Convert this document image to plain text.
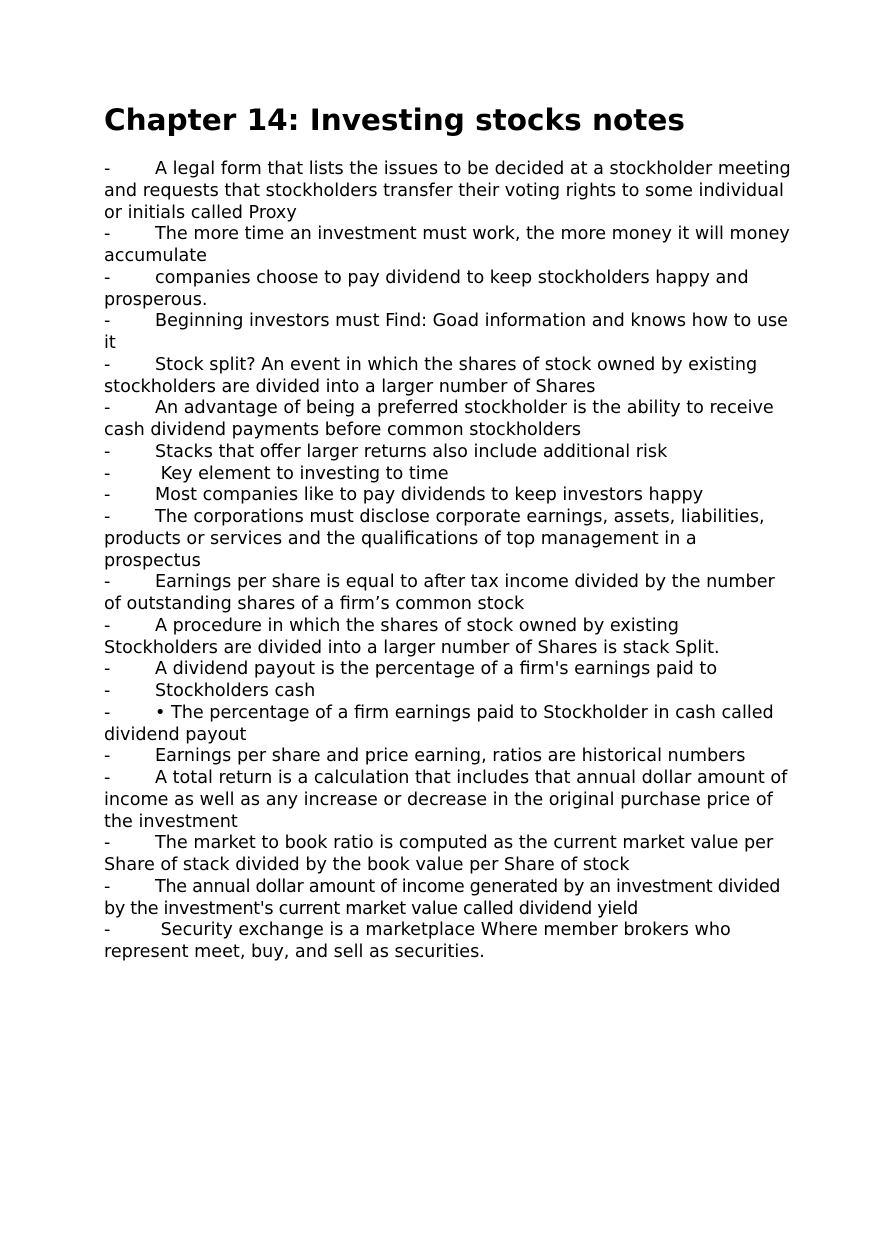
Chapter 14: Investing stocks notes
-	A legal form that lists the issues to be decided at a stockholder meeting and requests that stockholders transfer their voting rights to some individual or initials called Proxy
-	The more time an investment must work, the more money it will money accumulate
-	companies choose to pay dividend to keep stockholders happy and prosperous.
-	Beginning investors must Find: Goad information and knows how to use it
-	Stock split? An event in which the shares of stock owned by existing stockholders are divided into a larger number of Shares
-	An advantage of being a preferred stockholder is the ability to receive cash dividend payments before common stockholders
-	Stacks that offer larger returns also include additional risk
-	Key element to investing to time
-	Most companies like to pay dividends to keep investors happy
-	The corporations must disclose corporate earnings, assets, liabilities, products or services and the qualifications of top management in a prospectus
-	Earnings per share is equal to after tax income divided by the number of outstanding shares of a firm’s common stock
-	A procedure in which the shares of stock owned by existing Stockholders are divided into a larger number of Shares is stack Split.
-	A dividend payout is the percentage of a firm's earnings paid to
-	Stockholders cash
-	• The percentage of a firm earnings paid to Stockholder in cash called dividend payout
-	Earnings per share and price earning, ratios are historical numbers
-	A total return is a calculation that includes that annual dollar amount of income as well as any increase or decrease in the original purchase price of the investment
-	The market to book ratio is computed as the current market value per Share of stack divided by the book value per Share of stock
-	The annual dollar amount of income generated by an investment divided by the investment's current market value called dividend yield
-	Security exchange is a marketplace Where member brokers who represent meet, buy, and sell as securities.
